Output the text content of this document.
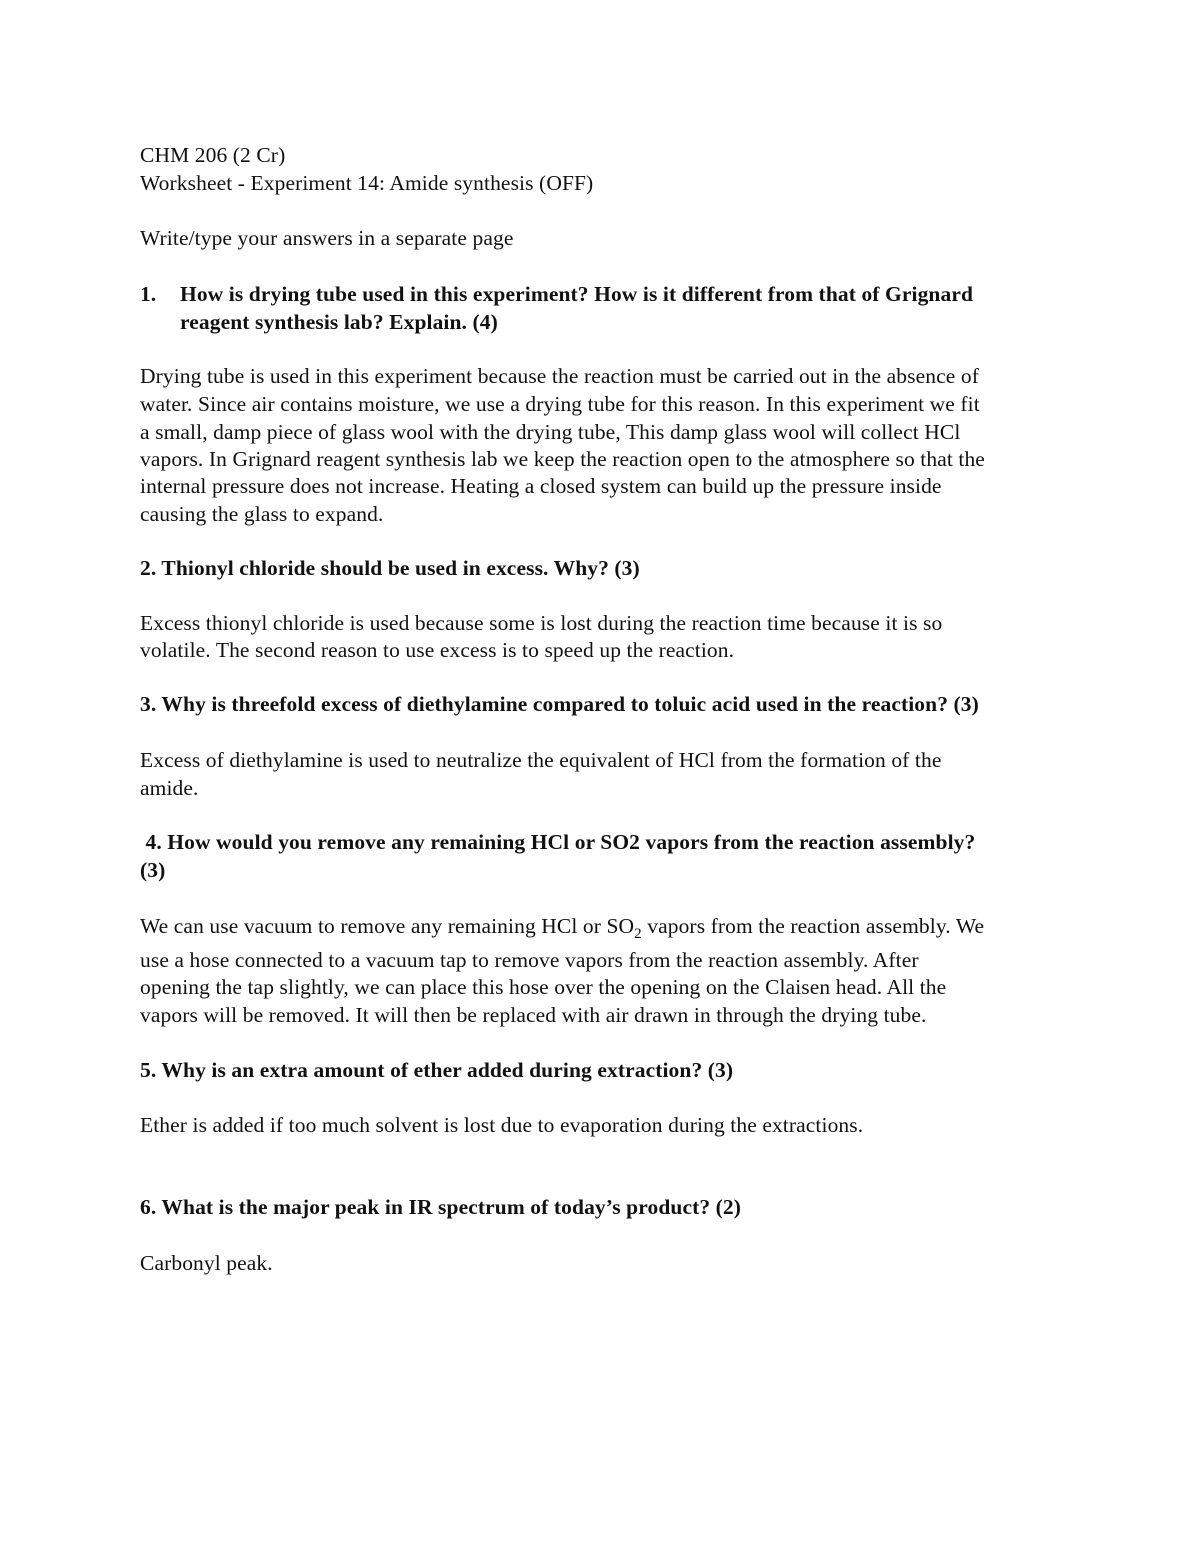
CHM 206 (2 Cr)
Worksheet - Experiment 14: Amide synthesis (OFF)
Write/type your answers in a separate page
1. How is drying tube used in this experiment? How is it different from that of Grignard
reagent synthesis lab? Explain. (4)
Drying tube is used in this experiment because the reaction must be carried out in the absence of
water. Since air contains moisture, we use a drying tube for this reason. In this experiment we fit
a small, damp piece of glass wool with the drying tube, This damp glass wool will collect HCl
vapors. In Grignard reagent synthesis lab we keep the reaction open to the atmosphere so that the
internal pressure does not increase. Heating a closed system can build up the pressure inside
causing the glass to expand.
2. Thionyl chloride should be used in excess. Why? (3)
Excess thionyl chloride is used because some is lost during the reaction time because it is so
volatile. The second reason to use excess is to speed up the reaction.
3. Why is threefold excess of diethylamine compared to toluic acid used in the reaction? (3)
Excess of diethylamine is used to neutralize the equivalent of HCl from the formation of the
amide.
4. How would you remove any remaining HCl or SO2 vapors from the reaction assembly?
(3)
We can use vacuum to remove any remaining HCl or $SO_2$ vapors from the reaction assembly. We
use a hose connected to a vacuum tap to remove vapors from the reaction assembly. After
opening the tap slightly, we can place this hose over the opening on the Claisen head. All the
vapors will be removed. It will then be replaced with air drawn in through the drying tube.
5. Why is an extra amount of ether added during extraction? (3)
Ether is added if too much solvent is lost due to evaporation during the extractions.
6. What is the major peak in IR spectrum of today’s product? (2)
Carbonyl peak.
